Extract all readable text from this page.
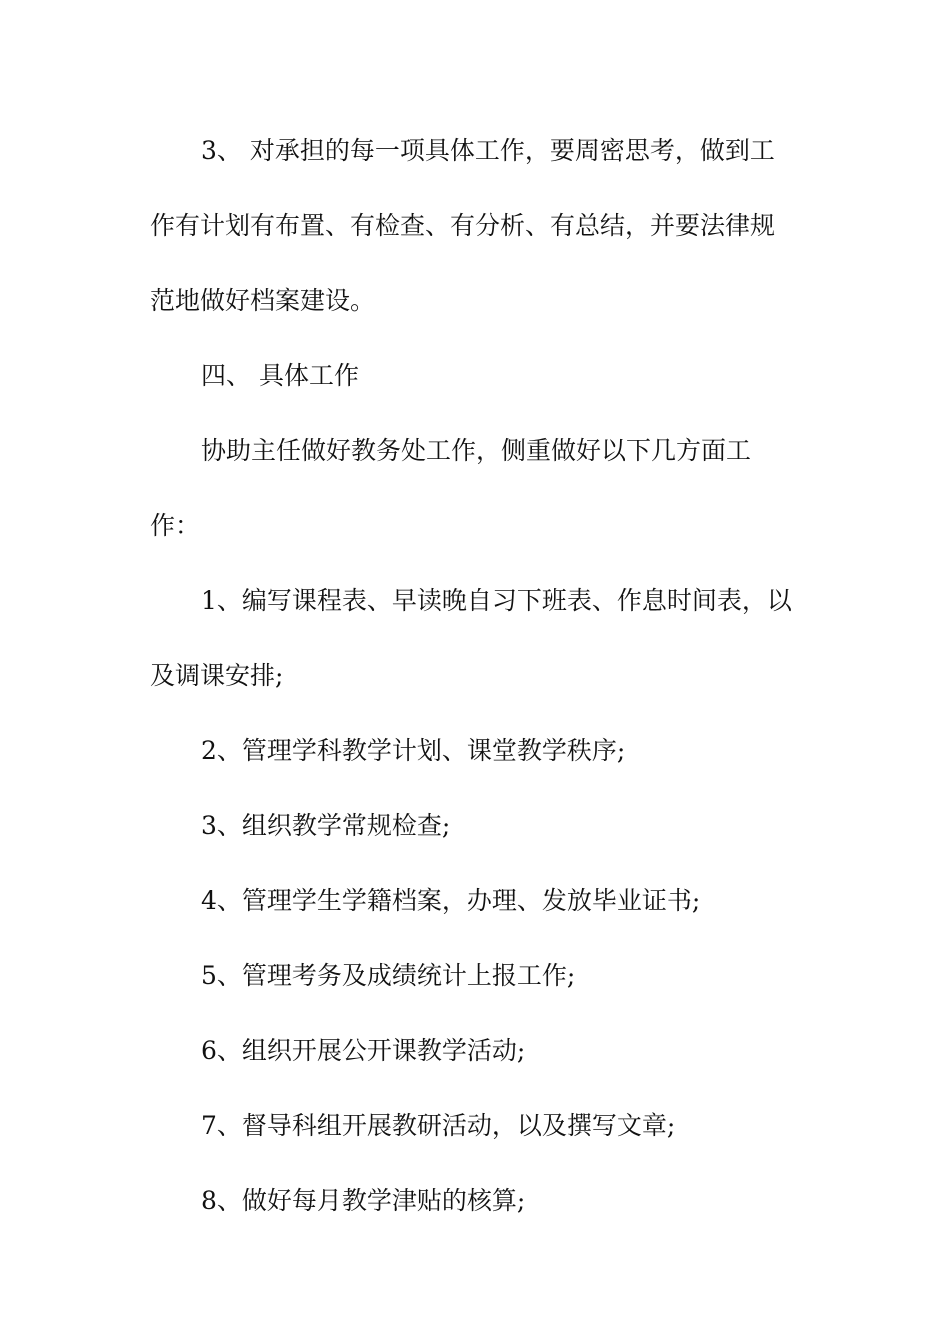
3、 对承担的每一项具体工作，要周密思考，做到工
作有计划有布置、有检查、有分析、有总结，并要法律规
范地做好档案建设。
四、 具体工作
协助主任做好教务处工作，侧重做好以下几方面工
作：
1、编写课程表、早读晚自习下班表、作息时间表，以
及调课安排;
2、管理学科教学计划、课堂教学秩序;
3、组织教学常规检查;
4、管理学生学籍档案，办理、发放毕业证书;
5、管理考务及成绩统计上报工作;
6、组织开展公开课教学活动;
7、督导科组开展教研活动，以及撰写文章;
8、做好每月教学津贴的核算;
